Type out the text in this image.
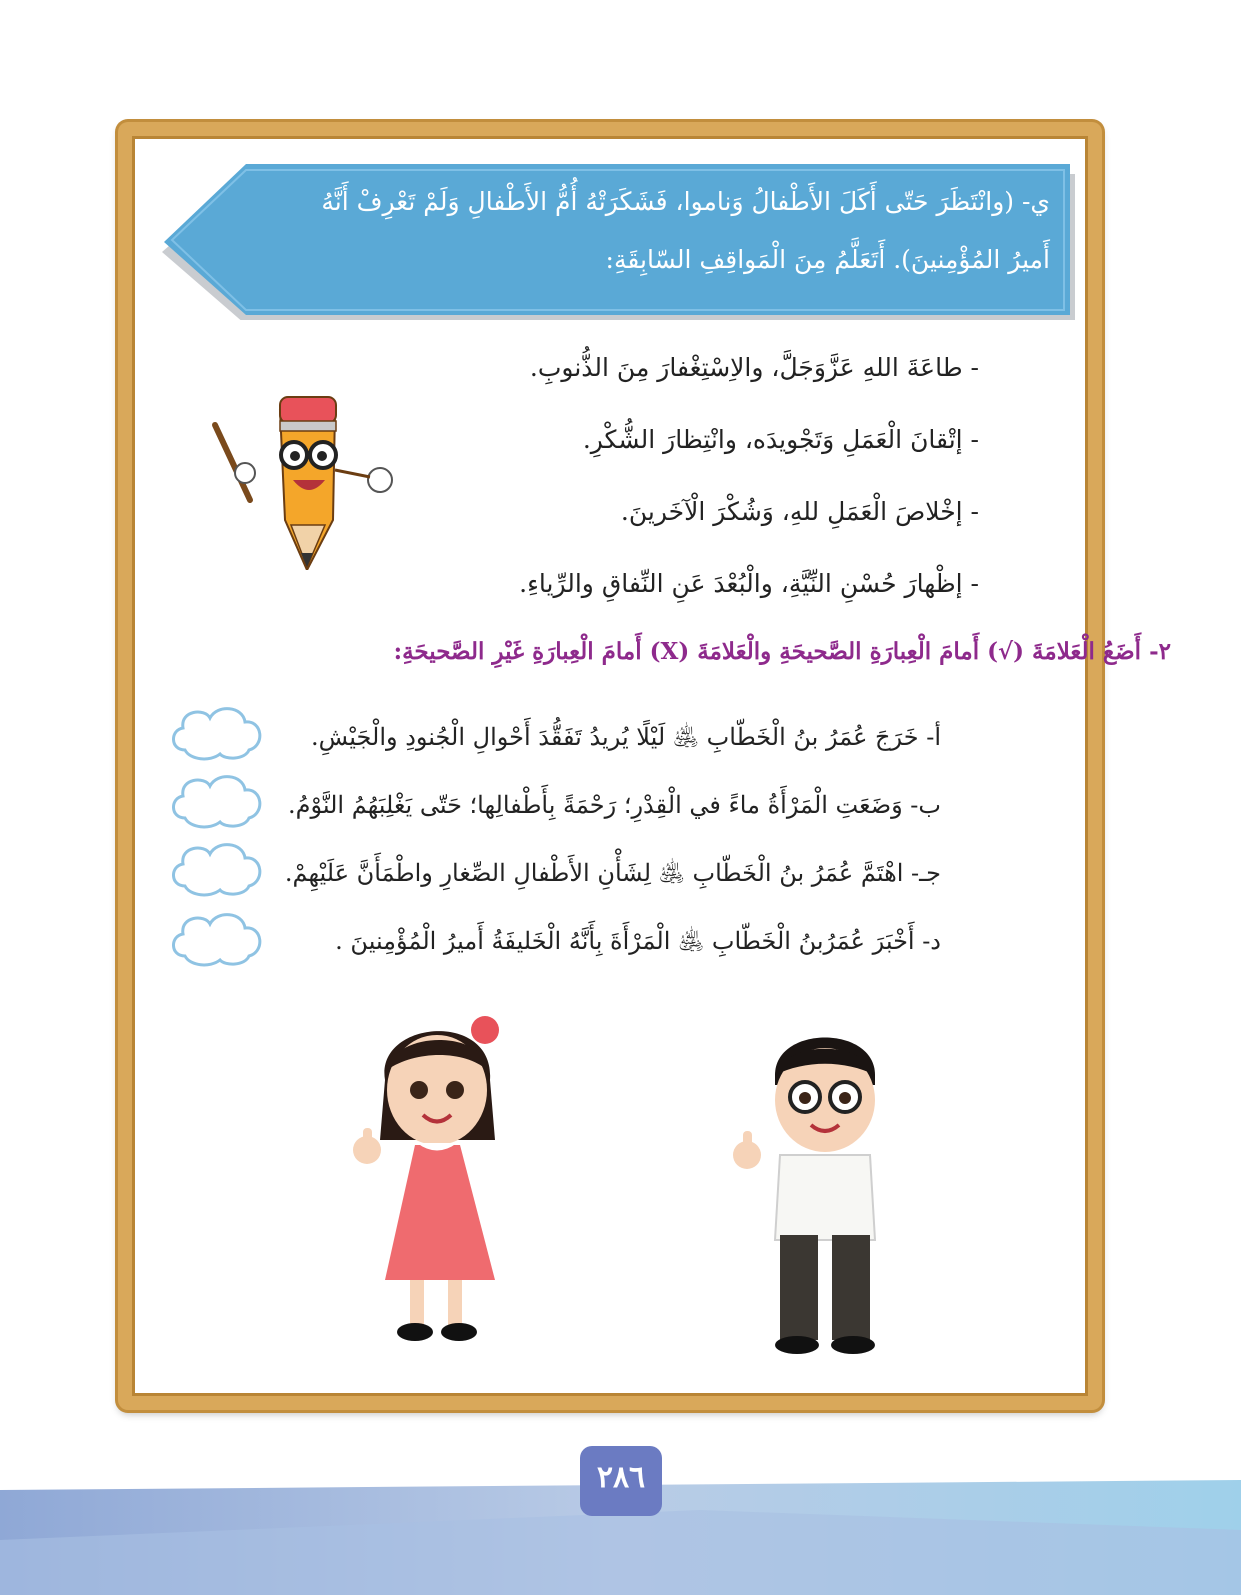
ي- (وانْتَظَرَ حَتّى أَكَلَ الأَطْفالُ وَناموا، فَشَكَرَتْهُ أُمُّ الأَطْفالِ وَلَمْ تَعْرِفْ أَنَّهُ
أَميرُ المُؤْمِنينَ). أَتَعَلَّمُ مِنَ الْمَواقِفِ السّابِقَةِ:
- طاعَةَ اللهِ عَزَّوَجَلَّ، والاِسْتِغْفارَ مِنَ الذُّنوبِ.
- إتْقانَ الْعَمَلِ وَتَجْويدَه، وانْتِظارَ الشُّكْرِ.
- إخْلاصَ الْعَمَلِ للهِ، وَشُكْرَ الْآخَرينَ.
- إظْهارَ حُسْنِ النِّيَّةِ، والْبُعْدَ عَنِ النِّفاقِ والرِّياءِ.
٢- أَضَعُ الْعَلامَةَ (√) أَمامَ الْعِبارَةِ الصَّحيحَةِ والْعَلامَةَ (X) أَمامَ الْعِبارَةِ غَيْرِ الصَّحيحَةِ:
أ- خَرَجَ عُمَرُ بنُ الْخَطّابِ ﵁ لَيْلًا يُريدُ تَفَقُّدَ أَحْوالِ الْجُنودِ والْجَيْشِ.
ب- وَضَعَتِ الْمَرْأَةُ ماءً في الْقِدْرِ؛ رَحْمَةً بِأَطْفالِها؛ حَتّى يَغْلِبَهُمُ النَّوْمُ.
جـ- اهْتَمَّ عُمَرُ بنُ الْخَطّابِ ﵁ لِشَأْنِ الأَطْفالِ الصِّغارِ واطْمَأَنَّ عَلَيْهِمْ.
د- أَخْبَرَ عُمَرُبنُ الْخَطّابِ ﵁ الْمَرْأَةَ بِأَنَّهُ الْخَليفَةُ أَميرُ الْمُؤْمِنينَ .
٢٨٦
